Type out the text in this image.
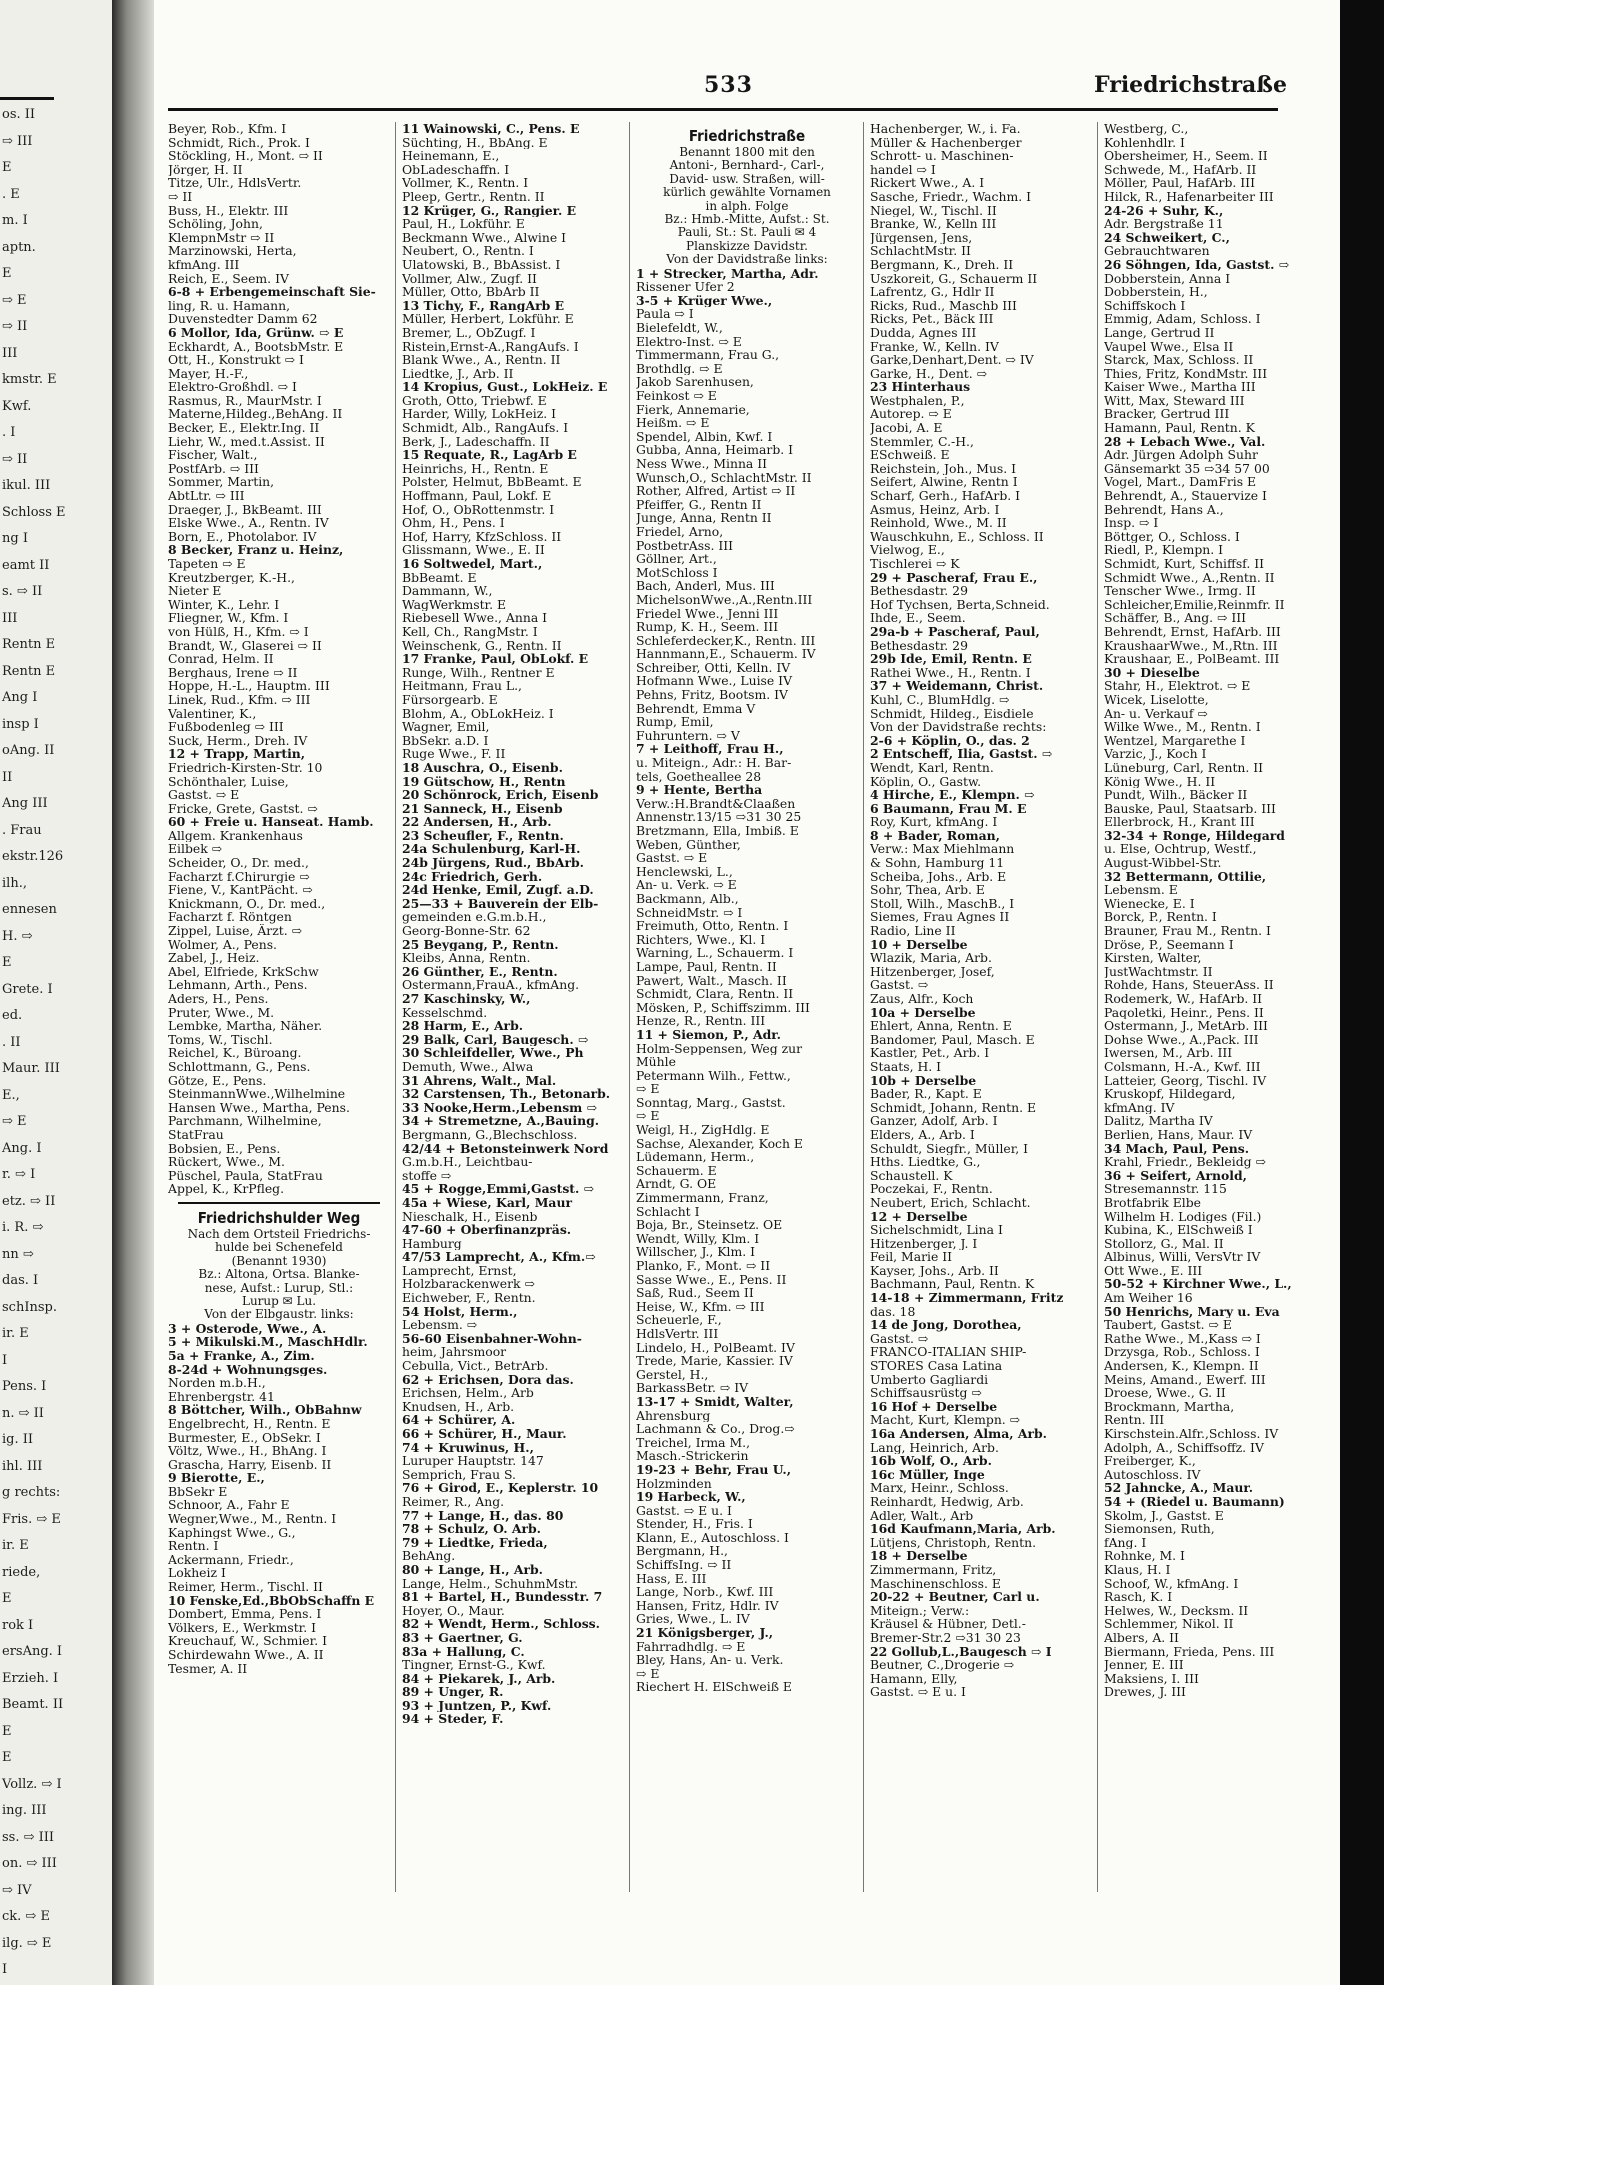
os. II
⇨ III
E
. E
m. I
aptn.
E
⇨ E
⇨ II
III
kmstr. E
Kwf.
. I
⇨ II
ikul. III
Schloss E
ng I
eamt II
s. ⇨ II
III
Rentn E
Rentn E
Ang I
insp I
oAng. II
II
Ang III
. Frau
ekstr.126
ilh.,
ennesen
H. ⇨
E
Grete. I
ed.
. II
Maur. III
E.,
⇨ E
Ang. I
r. ⇨ I
etz. ⇨ II
i. R. ⇨
nn ⇨
das. I
schInsp.
ir. E
I
Pens. I
n. ⇨ II
ig. II
ihl. III
g rechts:
Fris. ⇨ E
ir. E
riede,
E
rok I
ersAng. I
Erzieh. I
Beamt. II
E
E
Vollz. ⇨ I
ing. III
ss. ⇨ III
on. ⇨ III
⇨ IV
ck. ⇨ E
ilg. ⇨ E
I
533	Friedrichstraße
Beyer, Rob., Kfm. I
Schmidt, Rich., Prok. I
Stöckling, H., Mont. ⇨ II
Jörger, H. II
Titze, Ulr., HdlsVertr.
⇨ II
Buss, H., Elektr. III
Schöling, John,
KlempnMstr ⇨ II
Marzinowski, Herta,
kfmAng. III
Reich, E., Seem. IV
6-8 + Erbengemeinschaft Sie-
ling, R. u. Hamann,
Duvenstedter Damm 62
6 Mollor, Ida, Grünw. ⇨ E
Eckhardt, A., BootsbMstr. E
Ott, H., Konstrukt ⇨ I
Mayer, H.-F.,
Elektro-Großhdl. ⇨ I
Rasmus, R., MaurMstr. I
Materne,Hildeg.,BehAng. II
Becker, E., Elektr.Ing. II
Liehr, W., med.t.Assist. II
Fischer, Walt.,
PostfArb. ⇨ III
Sommer, Martin,
AbtLtr. ⇨ III
Draeger, J., BkBeamt. III
Elske Wwe., A., Rentn. IV
Born, E., Photolabor. IV
8 Becker, Franz u. Heinz,
Tapeten ⇨ E
Kreutzberger, K.-H.,
Nieter E
Winter, K., Lehr. I
Fliegner, W., Kfm. I
von Hülß, H., Kfm. ⇨ I
Brandt, W., Glaserei ⇨ II
Conrad, Helm. II
Berghaus, Irene ⇨ II
Hoppe, H.-L., Hauptm. III
Linek, Rud., Kfm. ⇨ III
Valentiner, K.,
Fußbodenleg ⇨ III
Suck, Herm., Dreh. IV
12 + Trapp, Martin,
Friedrich-Kirsten-Str. 10
Schönthaler, Luise,
Gastst. ⇨ E
Fricke, Grete, Gastst. ⇨
60 + Freie u. Hanseat. Hamb.
Allgem. Krankenhaus
Eilbek ⇨
Scheider, O., Dr. med.,
Facharzt f.Chirurgie ⇨
Fiene, V., KantPächt. ⇨
Knickmann, O., Dr. med.,
Facharzt f. Röntgen
Zippel, Luise, Ärzt. ⇨
Wolmer, A., Pens.
Zabel, J., Heiz.
Abel, Elfriede, KrkSchw
Lehmann, Arth., Pens.
Aders, H., Pens.
Pruter, Wwe., M.
Lembke, Martha, Näher.
Toms, W., Tischl.
Reichel, K., Büroang.
Schlottmann, G., Pens.
Götze, E., Pens.
SteinmannWwe.,Wilhelmine
Hansen Wwe., Martha, Pens.
Parchmann, Wilhelmine,
StatFrau
Bobsien, E., Pens.
Rückert, Wwe., M.
Püschel, Paula, StatFrau
Appel, K., KrPfleg.
Friedrichshulder Weg
Nach dem Ortsteil Friedrichs-
hulde bei Schenefeld
(Benannt 1930)
Bz.: Altona, Ortsa. Blanke-
nese, Aufst.: Lurup, Stl.:
Lurup ✉ Lu.
Von der Elbgaustr. links:
3 + Osterode, Wwe., A.
5 + Mikulski.M., MaschHdlr.
5a + Franke, A., Zim.
8-24d + Wohnungsges.
Norden m.b.H.,
Ehrenbergstr. 41
8 Böttcher, Wilh., ObBahnw
Engelbrecht, H., Rentn. E
Burmester, E., ObSekr. I
Völtz, Wwe., H., BhAng. I
Graschа, Harry, Eisenb. II
9 Bierotte, E.,
BbSekr E
Schnoor, A., Fahr E
Wegner,Wwe., M., Rentn. I
Kaphingst Wwe., G.,
Rentn. I
Ackermann, Friedr.,
Lokheiz I
Reimer, Herm., Tischl. II
10 Fenske,Ed.,BbObSchaffn E
Dombert, Emma, Pens. I
Völkers, E., Werkmstr. I
Kreuchauf, W., Schmier. I
Schirdewahn Wwe., A. II
Tesmer, A. II
11 Wainowski, C., Pens. E
Süchting, H., BbAng. E
Heinemann, E.,
ObLadeschaffn. I
Vollmer, K., Rentn. I
Pleep, Gertr., Rentn. II
12 Krüger, G., Rangier. E
Paul, H., Lokführ. E
Beckmann Wwe., Alwine I
Neubert, O., Rentn. I
Ulatowski, B., BbAssist. I
Vollmer, Alw., Zugf. II
Müller, Otto, BbArb II
13 Tichy, F., RangArb E
Müller, Herbert, Lokführ. E
Bremer, L., ObZugf. I
Ristein,Ernst-A.,RangAufs. I
Blank Wwe., A., Rentn. II
Liedtke, J., Arb. II
14 Kropius, Gust., LokHeiz. E
Groth, Otto, Triebwf. E
Harder, Willy, LokHeiz. I
Schmidt, Alb., RangAufs. I
Berk, J., Ladeschaffn. II
15 Requate, R., LagArb E
Heinrichs, H., Rentn. E
Polster, Helmut, BbBeamt. E
Hoffmann, Paul, Lokf. E
Hof, O., ObRottenmstr. I
Ohm, H., Pens. I
Hof, Harry, KfzSchloss. II
Glissmann, Wwe., E. II
16 Soltwedel, Mart.,
BbBeamt. E
Dammann, W.,
WagWerkmstr. E
Riebesell Wwe., Anna I
Kell, Ch., RangMstr. I
Weinschenk, G., Rentn. II
17 Franke, Paul, ObLokf. E
Runge, Wilh., Rentner E
Heitmann, Frau L.,
Fürsorgearb. E
Blohm, A., ObLokHeiz. I
Wagner, Emil,
BbSekr. a.D. I
Ruge Wwe., F. II
18 Auschra, O., Eisenb.
19 Gütschow, H., Rentn
20 Schönrock, Erich, Eisenb
21 Sanneck, H., Eisenb
22 Andersen, H., Arb.
23 Scheufler, F., Rentn.
24a Schulenburg, Karl-H.
24b Jürgens, Rud., BbArb.
24c Friedrich, Gerh.
24d Henke, Emil, Zugf. a.D.
25—33 + Bauverein der Elb-
gemeinden e.G.m.b.H.,
Georg-Bonne-Str. 62
25 Beygang, P., Rentn.
Kleibs, Anna, Rentn.
26 Günther, E., Rentn.
Ostermann,FrauA., kfmAng.
27 Kaschinsky, W.,
Kesselschmd.
28 Harm, E., Arb.
29 Balk, Carl, Baugesch. ⇨
30 Schleifdeller, Wwe., Ph
Demuth, Wwe., Alwa
31 Ahrens, Walt., Mal.
32 Carstensen, Th., Betonarb.
33 Nooke,Herm.,Lebensm ⇨
34 + Stremetzne, A.,Bauing.
Bergmann, G.,Blechschloss.
42/44 + Betonsteinwerk Nord
G.m.b.H., Leichtbau-
stoffe ⇨
45 + Rogge,Emmi,Gastst. ⇨
45a + Wiese, Karl, Maur
Nieschalk, H., Eisenb
47-60 + Oberfinanzpräs.
Hamburg
47/53 Lamprecht, A., Kfm.⇨
Lamprecht, Ernst,
Holzbarackenwerk ⇨
Eichweber, F., Rentn.
54 Holst, Herm.,
Lebensm. ⇨
56-60 Eisenbahner-Wohn-
heim, Jahrsmoor
Cebulla, Vict., BetrArb.
62 + Erichsen, Dora das.
Erichsen, Helm., Arb
Knudsen, H., Arb.
64 + Schürer, A.
66 + Schürer, H., Maur.
74 + Kruwinus, H.,
Luruper Hauptstr. 147
Semprich, Frau S.
76 + Girod, E., Keplerstr. 10
Reimer, R., Ang.
77 + Lange, H., das. 80
78 + Schulz, O. Arb.
79 + Liedtke, Frieda,
BehAng.
80 + Lange, H., Arb.
Lange, Helm., SchuhmMstr.
81 + Bartel, H., Bundesstr. 7
Hoyer, O., Maur.
82 + Wendt, Herm., Schloss.
83 + Gaertner, G.
83a + Hallung, C.
Tingner, Ernst-G., Kwf.
84 + Piekarek, J., Arb.
89 + Unger, R.
93 + Juntzen, P., Kwf.
94 + Steder, F.
Friedrichstraße
Benannt 1800 mit den
Antoni-, Bernhard-, Carl-,
David- usw. Straßen, will-
kürlich gewählte Vornamen
in alph. Folge
Bz.: Hmb.-Mitte, Aufst.: St.
Pauli, St.: St. Pauli ✉ 4
Planskizze Davidstr.
Von der Davidstraße links:
1 + Strecker, Martha, Adr.
Rissener Ufer 2
3-5 + Krüger Wwe.,
Paula ⇨ I
Bielefeldt, W.,
Elektro-Inst. ⇨ E
Timmermann, Frau G.,
Brothdlg. ⇨ E
Jakob Sarenhusen,
Feinkost ⇨ E
Fierk, Annemarie,
Heißm. ⇨ E
Spendel, Albin, Kwf. I
Gubba, Anna, Heimarb. I
Ness Wwe., Minna II
Wunsch,O., SchlachtMstr. II
Rother, Alfred, Artist ⇨ II
Pfeiffer, G., Rentn II
Junge, Anna, Rentn II
Friedel, Arno,
PostbetrAss. III
Göllner, Art.,
MotSchloss I
Bach, Anderl, Mus. III
MichelsonWwe.,A.,Rentn.III
Friedel Wwe., Jenni III
Rump, K. H., Seem. III
Schleferdecker,K., Rentn. III
Hannmann,E., Schauerm. IV
Schreiber, Otti, Kelln. IV
Hofmann Wwe., Luise IV
Pehns, Fritz, Bootsm. IV
Behrendt, Emma V
Rump, Emil,
Fuhruntern. ⇨ V
7 + Leithoff, Frau H.,
u. Miteign., Adr.: H. Bar-
tels, Goetheallee 28
9 + Hente, Bertha
Verw.:H.Brandt&Claaßen
Annenstr.13/15 ⇨31 30 25
Bretzmann, Ella, Imbiß. E
Weben, Günther,
Gastst. ⇨ E
Henclewski, L.,
An- u. Verk. ⇨ E
Backmann, Alb.,
SchneidMstr. ⇨ I
Freimuth, Otto, Rentn. I
Richters, Wwe., Kl. I
Warning, L., Schauerm. I
Lampe, Paul, Rentn. II
Pawert, Walt., Masch. II
Schmidt, Clara, Rentn. II
Mösken, P., Schiffszimm. III
Henze, R., Rentn. III
11 + Siemon, P., Adr.
Holm-Seppensen, Weg zur
Mühle
Petermann Wilh., Fettw.,
⇨ E
Sonntag, Marg., Gastst.
⇨ E
Weigl, H., ZigHdlg. E
Sachse, Alexander, Koch E
Lüdemann, Herm.,
Schauerm. E
Arndt, G. OE
Zimmermann, Franz,
Schlacht I
Boja, Br., Steinsetz. OE
Wendt, Willy, Klm. I
Willscher, J., Klm. I
Planko, F., Mont. ⇨ II
Sasse Wwe., E., Pens. II
Saß, Rud., Seem II
Heise, W., Kfm. ⇨ III
Scheuerle, F.,
HdlsVertr. III
Lindelo, H., PolBeamt. IV
Trede, Marie, Kassier. IV
Gerstel, H.,
BarkassBetr. ⇨ IV
13-17 + Smidt, Walter,
Ahrensburg
Lachmann & Co., Drog.⇨
Treichel, Irma M.,
Masch.-Strickerin
19-23 + Behr, Frau U.,
Holzminden
19 Harbeck, W.,
Gastst. ⇨ E u. I
Stender, H., Fris. I
Klann, E., Autoschloss. I
Bergmann, H.,
SchiffsIng. ⇨ II
Hass, E. III
Lange, Norb., Kwf. III
Hansen, Fritz, Hdlr. IV
Gries, Wwe., L. IV
21 Königsberger, J.,
Fahrradhdlg. ⇨ E
Bley, Hans, An- u. Verk.
⇨ E
Riechert H. ElSchweiß E
Hachenberger, W., i. Fa.
Müller & Hachenberger
Schrott- u. Maschinen-
handel ⇨ I
Rickert Wwe., A. I
Sasche, Friedr., Wachm. I
Niegel, W., Tischl. II
Branke, W., Kelln III
Jürgensen, Jens,
SchlachtMstr. II
Bergmann, K., Dreh. II
Uszkoreit, G., Schauerm II
Lafrentz, G., Hdlr II
Ricks, Rud., Maschb III
Ricks, Pet., Bäck III
Dudda, Agnes III
Franke, W., Kelln. IV
Garke,Denhart,Dent. ⇨ IV
Garke, H., Dent. ⇨
23 Hinterhaus
Westphalen, P.,
Autorep. ⇨ E
Jacobi, A. E
Stemmler, C.-H.,
ESchweiß. E
Reichstein, Joh., Mus. I
Seifert, Alwine, Rentn I
Scharf, Gerh., HafArb. I
Asmus, Heinz, Arb. I
Reinhold, Wwe., M. II
Wauschkuhn, E., Schloss. II
Vielwog, E.,
Tischlerei ⇨ K
29 + Pascheraf, Frau E.,
Bethesdastr. 29
Hof Tychsen, Berta,Schneid.
Ihde, E., Seem.
29a-b + Pascheraf, Paul,
Bethesdastr. 29
29b Ide, Emil, Rentn. E
Rathei Wwe., H., Rentn. I
37 + Weidemann, Christ.
Kuhl, C., BlumHdlg. ⇨
Schmidt, Hildeg., Eisdiele
Von der Davidstraße rechts:
2-6 + Köplin, O., das. 2
2 Entscheff, Ilia, Gastst. ⇨
Wendt, Karl, Rentn.
Köplin, O., Gastw.
4 Hirche, E., Klempn. ⇨
6 Baumann, Frau M. E
Roy, Kurt, kfmAng. I
8 + Bader, Roman,
Verw.: Max Miehlmann
& Sohn, Hamburg 11
Scheiba, Johs., Arb. E
Sohr, Thea, Arb. E
Stoll, Wilh., MaschB., I
Siemes, Frau Agnes II
Radio, Line II
10 + Derselbe
Wlazik, Maria, Arb.
Hitzenberger, Josef,
Gastst. ⇨
Zaus, Alfr., Koch
10a + Derselbe
Ehlert, Anna, Rentn. E
Bandomer, Paul, Masch. E
Kastler, Pet., Arb. I
Staats, H. I
10b + Derselbe
Bader, R., Kapt. E
Schmidt, Johann, Rentn. E
Ganzer, Adolf, Arb. I
Elders, A., Arb. I
Schuldt, Siegfr., Müller, I
Hths. Liedtke, G.,
Schaustell. K
Poczekai, F., Rentn.
Neubert, Erich, Schlacht.
12 + Derselbe
Sichelschmidt, Lina I
Hitzenberger, J. I
Feil, Marie II
Kayser, Johs., Arb. II
Bachmann, Paul, Rentn. K
14-18 + Zimmermann, Fritz
das. 18
14 de Jong, Dorothea,
Gastst. ⇨
FRANCO-ITALIAN SHIP-
STORES Casa Latina
Umberto Gagliardi
Schiffsausrüstg ⇨
16 Hof + Derselbe
Macht, Kurt, Klempn. ⇨
16a Andersen, Alma, Arb.
Lang, Heinrich, Arb.
16b Wolf, O., Arb.
16c Müller, Inge
Marx, Heinr., Schloss.
Reinhardt, Hedwig, Arb.
Adler, Walt., Arb
16d Kaufmann,Maria, Arb.
Lütjens, Christoph, Rentn.
18 + Derselbe
Zimmermann, Fritz,
Maschinenschloss. E
20-22 + Beutner, Carl u.
Miteign.; Verw.:
Kräusel & Hübner, Detl.-
Bremer-Str.2 ⇨31 30 23
22 Gollub,L.,Baugesch ⇨ I
Beutner, C.,Drogerie ⇨
Hamann, Elly,
Gastst. ⇨ E u. I
Westberg, C.,
Kohlenhdlr. I
Obersheimer, H., Seem. II
Schwede, M., HafArb. II
Möller, Paul, HafArb. III
Hilck, R., Hafenarbeiter III
24-26 + Suhr, K.,
Adr. Bergstraße 11
24 Schweikert, C.,
Gebrauchtwaren
26 Söhngen, Ida, Gastst. ⇨
Dobberstein, Anna I
Dobberstein, H.,
Schiffskoch I
Emmig, Adam, Schloss. I
Lange, Gertrud II
Vaupel Wwe., Elsa II
Starck, Max, Schloss. II
Thies, Fritz, KondMstr. III
Kaiser Wwe., Martha III
Witt, Max, Steward III
Bracker, Gertrud III
Hamann, Paul, Rentn. K
28 + Lebach Wwe., Val.
Adr. Jürgen Adolph Suhr
Gänsemarkt 35 ⇨34 57 00
Vogel, Mart., DamFris E
Behrendt, A., Stauervize I
Behrendt, Hans A.,
Insp. ⇨ I
Böttger, O., Schloss. I
Riedl, P., Klempn. I
Schmidt, Kurt, Schiffsf. II
Schmidt Wwe., A.,Rentn. II
Tenscher Wwe., Irmg. II
Schleicher,Emilie,Reinmfr. II
Schäffer, B., Ang. ⇨ III
Behrendt, Ernst, HafArb. III
KraushaarWwe., M.,Rtn. III
Kraushaar, E., PolBeamt. III
30 + Dieselbe
Stahr, H., Elektrot. ⇨ E
Wicek, Liselotte,
An- u. Verkauf ⇨
Wilke Wwe., M., Rentn. I
Wentzel, Margarethe I
Varzic, J., Koch I
Lüneburg, Carl, Rentn. II
König Wwe., H. II
Pundt, Wilh., Bäcker II
Bauske, Paul, Staatsarb. III
Ellerbrock, H., Krant III
32-34 + Ronge, Hildegard
u. Else, Ochtrup, Westf.,
August-Wibbel-Str.
32 Bettermann, Ottilie,
Lebensm. E
Wienecke, E. I
Borck, P., Rentn. I
Brauner, Frau M., Rentn. I
Dröse, P., Seemann I
Kirsten, Walter,
JustWachtmstr. II
Rohde, Hans, SteuerAss. II
Rodemerk, W., HafArb. II
Paqoletki, Heinr., Pens. II
Ostermann, J., MetArb. III
Dohse Wwe., A.,Pack. III
Iwersen, M., Arb. III
Colsmann, H.-A., Kwf. III
Latteier, Georg, Tischl. IV
Kruskopf, Hildegard,
kfmAng. IV
Dalitz, Martha IV
Berlien, Hans, Maur. IV
34 Mach, Paul, Pens.
Krahl, Friedr., Bekleidg ⇨
36 + Seifert, Arnold,
Stresemannstr. 115
Brotfabrik Elbe
Wilhelm H. Lodiges (Fil.)
Kubina, K., ElSchweiß I
Stollorz, G., Mal. II
Albinus, Willi, VersVtr IV
Ott Wwe., E. III
50-52 + Kirchner Wwe., L.,
Am Weiher 16
50 Henrichs, Mary u. Eva
Taubert, Gastst. ⇨ E
Rathe Wwe., M.,Kass ⇨ I
Drzysga, Rob., Schloss. I
Andersen, K., Klempn. II
Meins, Amand., Ewerf. III
Droese, Wwe., G. II
Brockmann, Martha,
Rentn. III
Kirschstein.Alfr.,Schloss. IV
Adolph, A., Schiffsoffz. IV
Freiberger, K.,
Autoschloss. IV
52 Jahncke, A., Maur.
54 + (Riedel u. Baumann)
Skolm, J., Gastst. E
Siemonsen, Ruth,
fAng. I
Rohnke, M. I
Klaus, H. I
Schoof, W., kfmAng. I
Rasch, K. I
Helwes, W., Decksm. II
Schlemmer, Nikol. II
Albers, A. II
Biermann, Frieda, Pens. III
Jenner, E. III
Maksiens, I. III
Drewes, J. III
